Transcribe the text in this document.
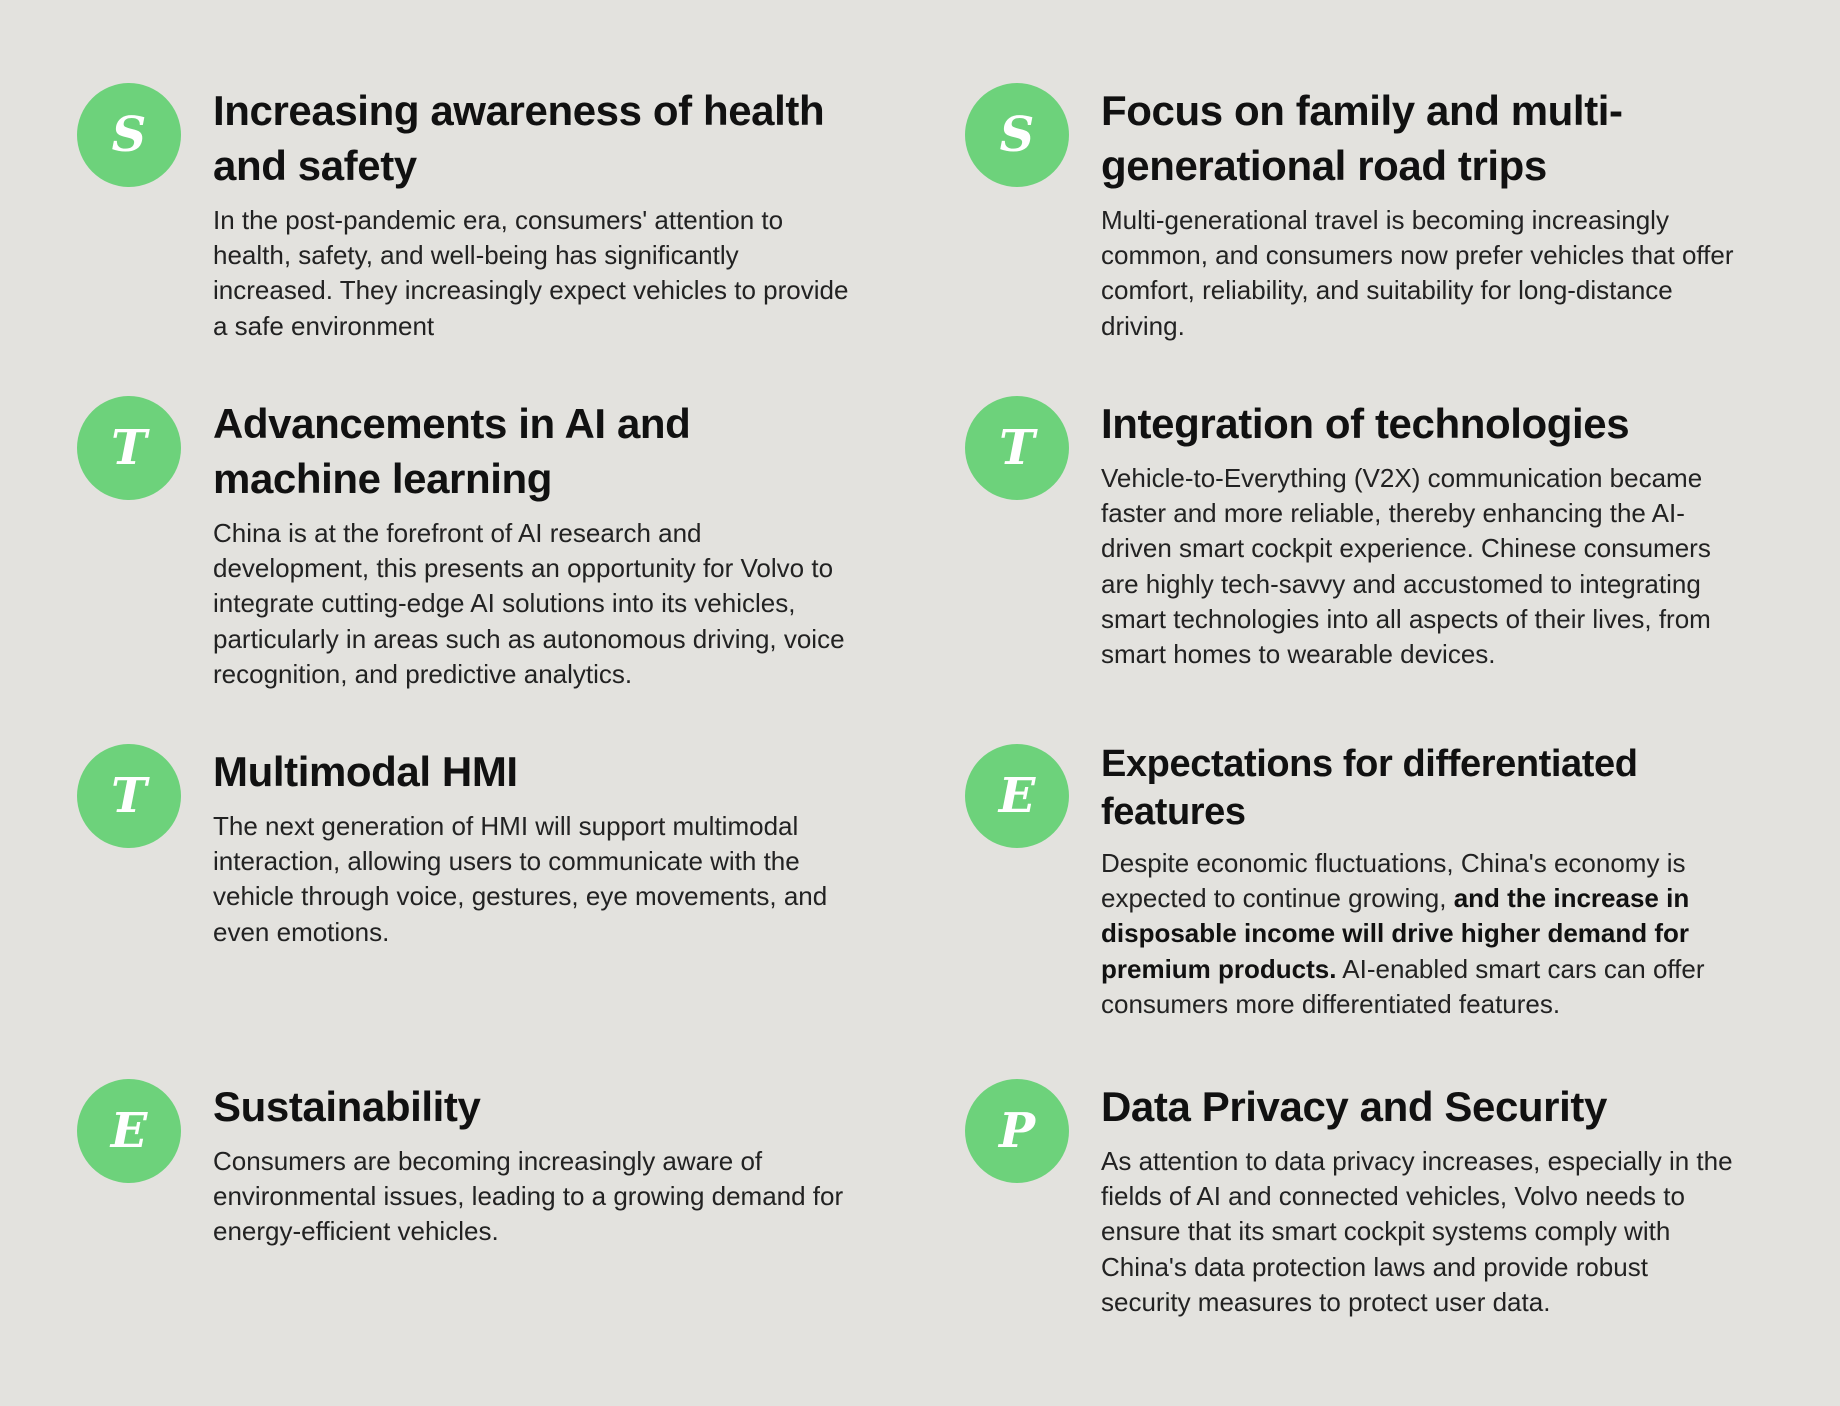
S Increasing awareness of health and safety

In the post-pandemic era, consumers' attention to health, safety, and well-being has significantly increased. They increasingly expect vehicles to provide a safe environment

T Advancements in AI and machine learning

China is at the forefront of AI research and development, this presents an opportunity for Volvo to integrate cutting-edge AI solutions into its vehicles, particularly in areas such as autonomous driving, voice recognition, and predictive analytics.

T Multimodal HMI

The next generation of HMI will support multimodal interaction, allowing users to communicate with the vehicle through voice, gestures, eye movements, and even emotions.

E Sustainability

Consumers are becoming increasingly aware of environmental issues, leading to a growing demand for energy-efficient vehicles.

S Focus on family and multi-generational road trips

Multi-generational travel is becoming increasingly common, and consumers now prefer vehicles that offer comfort, reliability, and suitability for long-distance driving.

T Integration of technologies

Vehicle-to-Everything (V2X) communication became faster and more reliable, thereby enhancing the AI-driven smart cockpit experience. Chinese consumers are highly tech-savvy and accustomed to integrating smart technologies into all aspects of their lives, from smart homes to wearable devices.

E
Expectations for differentiated features

Despite economic fluctuations, China's economy is expected to continue growing, and the increase in disposable income will drive higher demand for premium products. AI-enabled smart cars can offer consumers more differentiated features.

P Data Privacy and Security

As attention to data privacy increases, especially in the fields of AI and connected vehicles, Volvo needs to ensure that its smart cockpit systems comply with China's data protection laws and provide robust security measures to protect user data.
